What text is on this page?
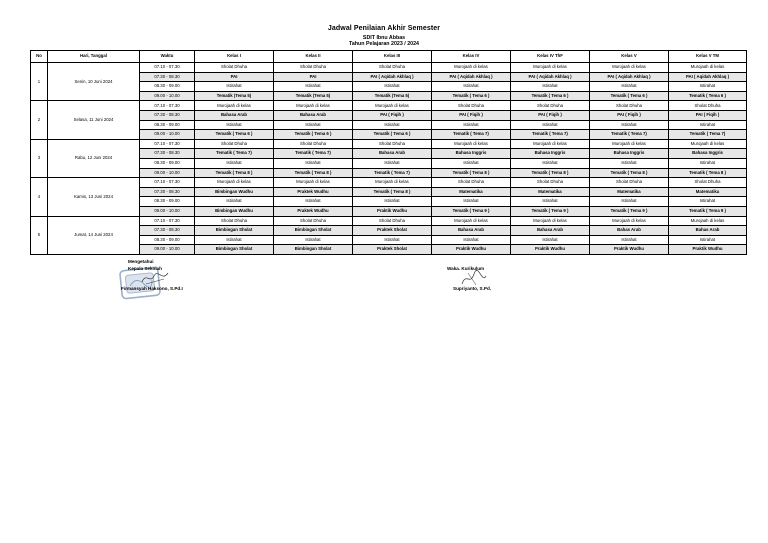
Jadwal Penilaian Akhir Semester
SDIT Ibnu Abbas
Tahun Pelajaran 2023 / 2024
No	Hari, Tanggal	Waktu	Kelas I	Kelas II	Kelas III	Kelas IV	Kelas IV ThF	Kelas V	Kelas V TM
1	Senin, 10 Juni 2024	07.10 - 07.30	Sholat Dhuha	Sholat Dhuha	Sholat Dhuha	Murojaah di kelas	Murojaah di kelas	Murojaah di kelas	Murojaah di kelas
		07.30 - 08.30	PAI	PAI	PAI ( Aqidah Akhlaq )	PAI ( Aqidah Akhlaq )	PAI ( Aqidah Akhlaq )	PAI ( Aqidah Akhlaq )	PAI ( Aqidah Akhlaq )
		08.30 - 09.00	Istirahat	Istirahat	Istirahat	Istirahat	Istirahat	Istirahat	Istirahat
		09.00 - 10.00	Tematik (Tema 5)	Tematik (Tema 5)	Tematik (Tema 5)	Tematik ( Tema 6 )	Tematik ( Tema 6 )	Tematik ( Tema 6 )	Tematik ( Tema 6 )
2	Selasa, 11 Juni 2024	07.10 - 07.30	Murojaah di kelas	Murojaah di kelas	Murojaah di kelas	Sholat Dhuha	Sholat Dhuha	Sholat Dhuha	Sholat Dhuha
		07.30 - 08.30	Bahasa Arab	Bahasa Arab	PAI ( Fiqih )	PAI ( Fiqih )	PAI ( Fiqih )	PAI ( Fiqih )	PAI ( Fiqih )
		08.30 - 09.00	Istirahat	Istirahat	Istirahat	Istirahat	Istirahat	Istirahat	Istirahat
		09.00 - 10.00	Tematik ( Tema 6 )	Tematik ( Tema 6 )	Tematik ( Tema 6 )	Tematik ( Tema 7)	Tematik ( Tema 7)	Tematik ( Tema 7)	Tematik ( Tema 7)
3	Rabu, 12 Juni 2024	07.10 - 07.30	Sholat Dhuha	Sholat Dhuha	Sholat Dhuha	Murojaah di kelas	Murojaah di kelas	Murojaah di kelas	Murojaah di kelas
		07.30 - 08.30	Tematik ( Tema 7)	Tematik ( Tema 7)	Bahasa Arab	Bahasa Inggris	Bahasa Inggris	Bahasa Inggris	Bahasa Inggris
		08.30 - 09.00	Istirahat	Istirahat	Istirahat	Istirahat	Istirahat	Istirahat	Istirahat
		09.00 - 10.00	Tematik ( Tema 8 )	Tematik ( Tema 8 )	Tematik ( Tema 7)	Tematik ( Tema 8 )	Tematik ( Tema 8 )	Tematik ( Tema 8 )	Tematik ( Tema 8 )
4	Kamis, 13 Juni 2024	07.10 - 07.30	Murojaah di kelas	Murojaah di kelas	Murojaah di kelas	Sholat Dhuha	Sholat Dhuha	Sholat Dhuha	Sholat Dhuha
		07.30 - 08.30	Bimbingan Wudhu	Praktek Wudhu	Tematik ( Tema 8 )	Matematika	Matematika	Matematika	Matematika
		08.30 - 09.00	Istirahat	Istirahat	Istirahat	Istirahat	Istirahat	Istirahat	Istirahat
		09.00 - 10.00	Bimbingan Wudhu	Praktek Wudhu	Praktik Wudhu	Tematik ( Tema 9 )	Tematik ( Tema 9 )	Tematik ( Tema 9 )	Tematik ( Tema 9 )
5	Jumat, 14 Juni 2024	07.10 - 07.30	Sholat Dhuha	Sholat Dhuha	Sholat Dhuha	Murojaah di kelas	Murojaah di kelas	Murojaah di kelas	Murojaah di kelas
		07.30 - 08.30	Bimbingan Sholat	Bimbingan Sholat	Praktek Sholat	Bahasa Arab	Bahasa Arab	Bahas Arab	Bahas Arab
		08.30 - 09.00	Istirahat	Istirahat	Istirahat	Istirahat	Istirahat	Istirahat	Istirahat
		09.00 - 10.00	Bimbingan Sholat	Bimbingan Sholat	Praktek Sholat	Praktik Wudhu	Praktik Wudhu	Praktik Wudhu	Praktik Wudhu
Mengetahui
Kepala Sekolah
Firmansyah Haksono, S.Pd.I
Waka. Kurikulum
Supriyanto, S.Pd.
